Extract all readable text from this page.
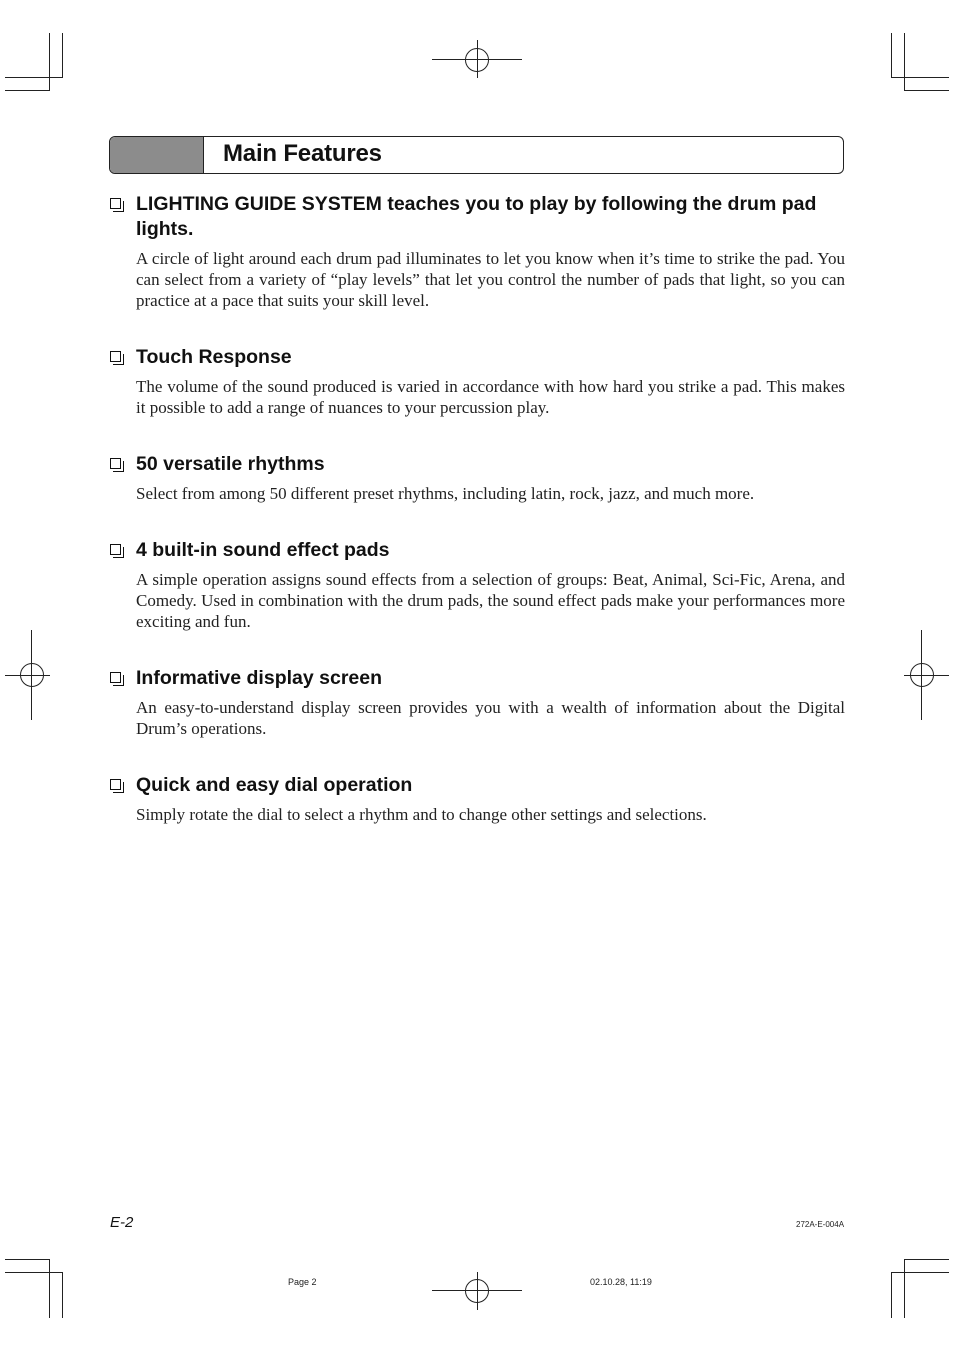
Main Features
LIGHTING GUIDE SYSTEM teaches you to play by following the drum pad lights.
A circle of light around each drum pad illuminates to let you know when it’s time to strike the pad. You can select from a variety of “play levels” that let you control the number of pads that light, so you can practice at a pace that suits your skill level.
Touch Response
The volume of the sound produced is varied in accordance with how hard you strike a pad. This makes it possible to add a range of nuances to your percussion play.
50 versatile rhythms
Select from among 50 different preset rhythms, including latin, rock, jazz, and much more.
4 built-in sound effect pads
A simple operation assigns sound effects from a selection of groups: Beat, Animal, Sci-Fic, Arena, and Comedy. Used in combination with the drum pads, the sound effect pads make your performances more exciting and fun.
Informative display screen
An easy-to-understand display screen provides you with a wealth of information about the Digital Drum’s operations.
Quick and easy dial operation
Simply rotate the dial to select a rhythm and to change other settings and selections.
E-2	272A-E-004A
Page 2	02.10.28, 11:19
